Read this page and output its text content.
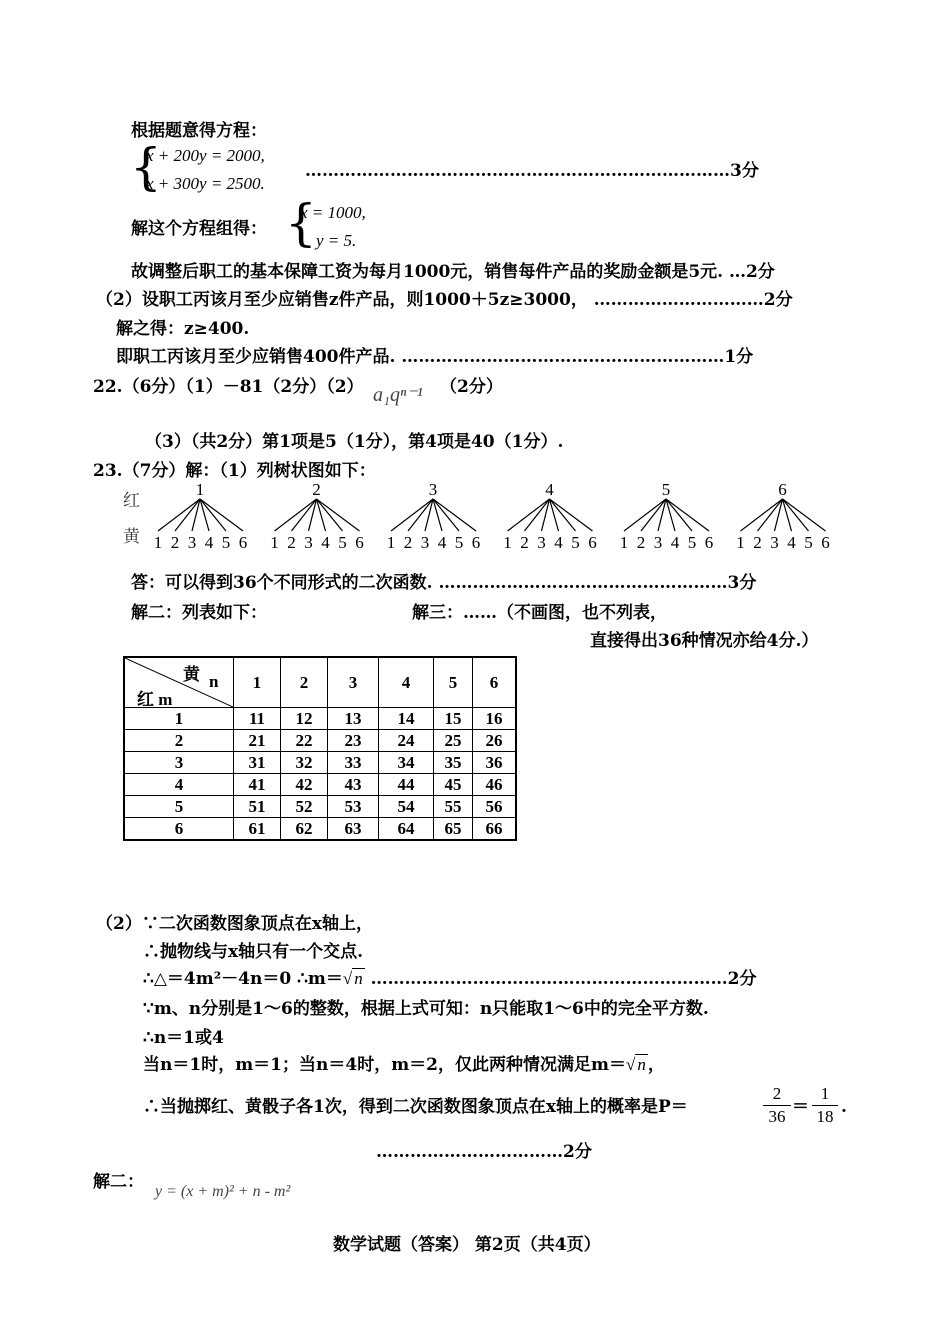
根据题意得方程：
{
x + 200y = 2000,
x + 300y = 2500.
…………………………………………………………………3分
解这个方程组得： {
x = 1000,
y = 5.
故调整后职工的基本保障工资为每月1000元，销售每件产品的奖励金额是5元. …2分
（2）设职工丙该月至少应销售z件产品，则1000＋5z≥3000， …………………………2分
解之得：z≥400.
即职工丙该月至少应销售400件产品. …………………………………………………1分
22.（6分）（1）－81（2分）（2） a₁qⁿ⁻¹ （2分）
（3）（共2分）第1项是5（1分），第4项是40（1分）.
23.（7分）解：（1）列树状图如下：
红
黄
1
1 2 3 4 5 6
2
1 2 3 4 5 6
3
1 2 3 4 5 6
4
1 2 3 4 5 6
5
1 2 3 4 5 6
6
1 2 3 4 5 6
答：可以得到36个不同形式的二次函数. ……………………………………………3分
解二：列表如下：	解三：……（不画图，也不列表，
直接得出36种情况亦给4分.）
黄 n
红 m	1	2	3	4	5	6
1	11	12	13	14	15	16
2	21	22	23	24	25	26
3	31	32	33	34	35	36
4	41	42	43	44	45	46
5	51	52	53	54	55	56
6	61	62	63	64	65	66
（2）∵二次函数图象顶点在x轴上，
∴抛物线与x轴只有一个交点.
∴△＝4m²－4n＝0 ∴m＝√ n ………………………………………………………2分
∵m、n分别是1～6的整数，根据上式可知：n只能取1～6中的完全平方数.
∴n＝1或4
当n＝1时，m＝1；当n＝4时，m＝2，仅此两种情况满足m＝√ n ，
∴当抛掷红、黄骰子各1次，得到二次函数图象顶点在x轴上的概率是P＝
2
36 ＝
1
18 .
……………………………2分
解二： y = (x + m)² + n - m²
数学试题（答案） 第2页（共4页）
